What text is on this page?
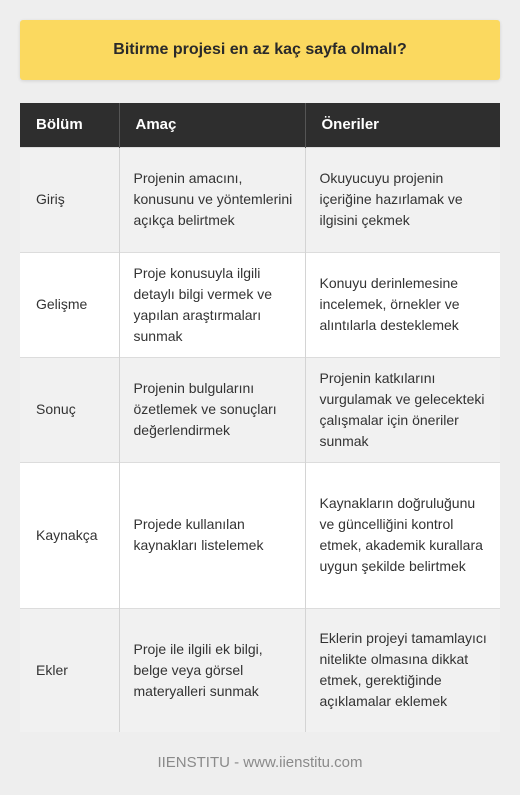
Bitirme projesi en az kaç sayfa olmalı?
Bölüm	Amaç	Öneriler
Giriş	Projenin amacını, konusunu ve yöntemlerini açıkça belirtmek	Okuyucuyu projenin içeriğine hazırlamak ve ilgisini çekmek
Gelişme	Proje konusuyla ilgili detaylı bilgi vermek ve yapılan araştırmaları sunmak	Konuyu derinlemesine incelemek, örnekler ve alıntılarla desteklemek
Sonuç	Projenin bulgularını özetlemek ve sonuçları değerlendirmek	Projenin katkılarını vurgulamak ve gelecekteki çalışmalar için öneriler sunmak
Kaynakça	Projede kullanılan kaynakları listelemek	Kaynakların doğruluğunu ve güncelliğini kontrol etmek, akademik kurallara uygun şekilde belirtmek
Ekler	Proje ile ilgili ek bilgi, belge veya görsel materyalleri sunmak	Eklerin projeyi tamamlayıcı nitelikte olmasına dikkat etmek, gerektiğinde açıklamalar eklemek
IIENSTITU - www.iienstitu.com
